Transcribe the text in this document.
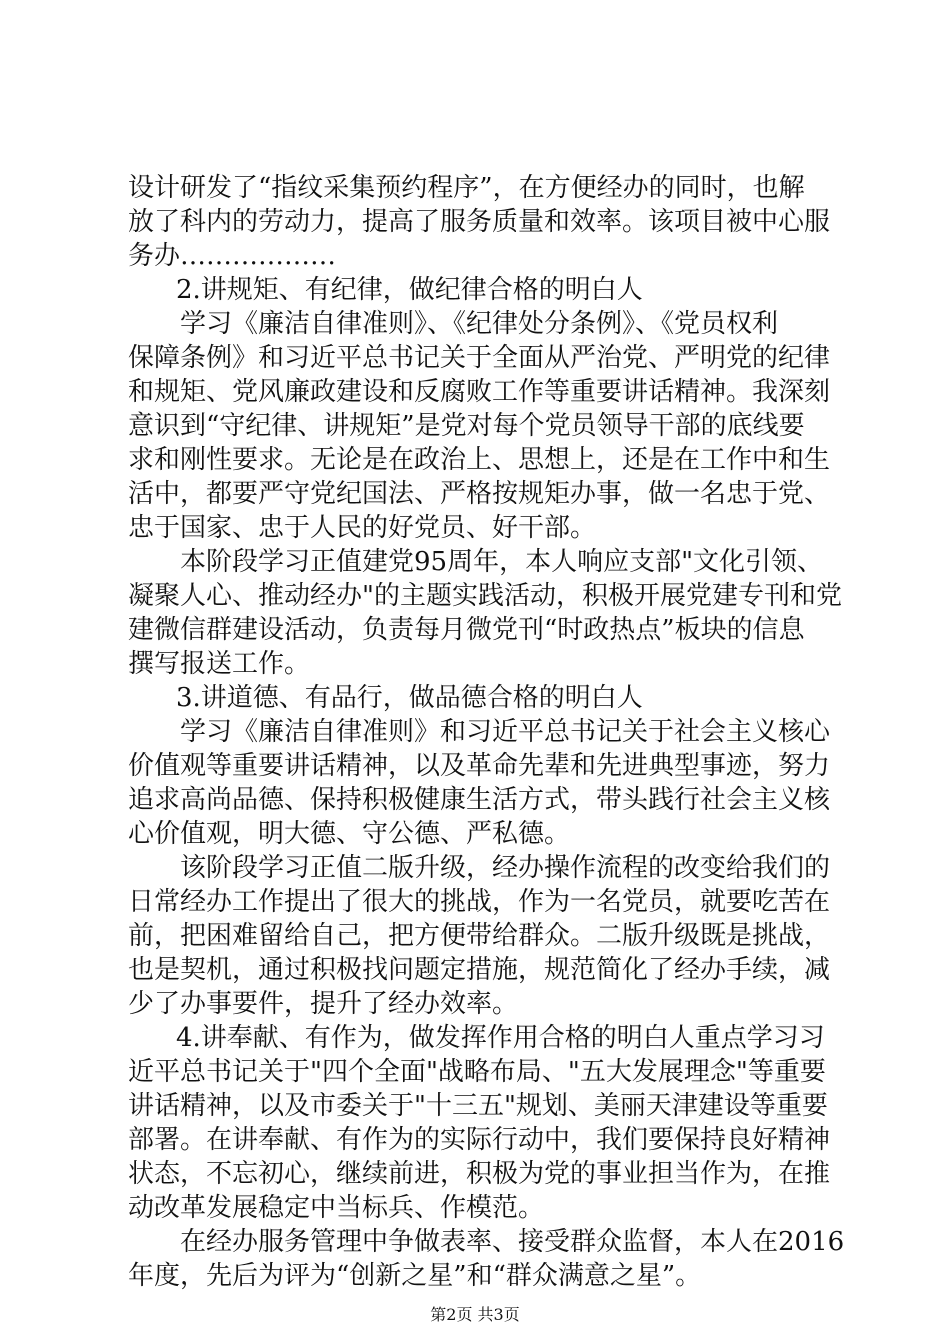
设计研发了“指纹采集预约程序”，在方便经办的同时，也解
放了科内的劳动力，提高了服务质量和效率。该项目被中心服
务办………………
2.讲规矩、有纪律，做纪律合格的明白人
学习《廉洁自律准则》、《纪律处分条例》、《党员权利
保障条例》和习近平总书记关于全面从严治党、严明党的纪律
和规矩、党风廉政建设和反腐败工作等重要讲话精神。我深刻
意识到“守纪律、讲规矩”是党对每个党员领导干部的底线要
求和刚性要求。无论是在政治上、思想上，还是在工作中和生
活中，都要严守党纪国法、严格按规矩办事，做一名忠于党、
忠于国家、忠于人民的好党员、好干部。
本阶段学习正值建党95周年，本人响应支部"文化引领、
凝聚人心、推动经办"的主题实践活动，积极开展党建专刊和党
建微信群建设活动，负责每月微党刊“时政热点”板块的信息
撰写报送工作。
3.讲道德、有品行，做品德合格的明白人
学习《廉洁自律准则》和习近平总书记关于社会主义核心
价值观等重要讲话精神，以及革命先辈和先进典型事迹，努力
追求高尚品德、保持积极健康生活方式，带头践行社会主义核
心价值观，明大德、守公德、严私德。
该阶段学习正值二版升级，经办操作流程的改变给我们的
日常经办工作提出了很大的挑战，作为一名党员，就要吃苦在
前，把困难留给自己，把方便带给群众。二版升级既是挑战，
也是契机，通过积极找问题定措施，规范简化了经办手续，减
少了办事要件，提升了经办效率。
4.讲奉献、有作为，做发挥作用合格的明白人重点学习习
近平总书记关于"四个全面"战略布局、"五大发展理念"等重要
讲话精神，以及市委关于"十三五"规划、美丽天津建设等重要
部署。在讲奉献、有作为的实际行动中，我们要保持良好精神
状态，不忘初心，继续前进，积极为党的事业担当作为，在推
动改革发展稳定中当标兵、作模范。
在经办服务管理中争做表率、接受群众监督，本人在2016
年度，先后为评为“创新之星”和“群众满意之星”。
第2页 共3页
